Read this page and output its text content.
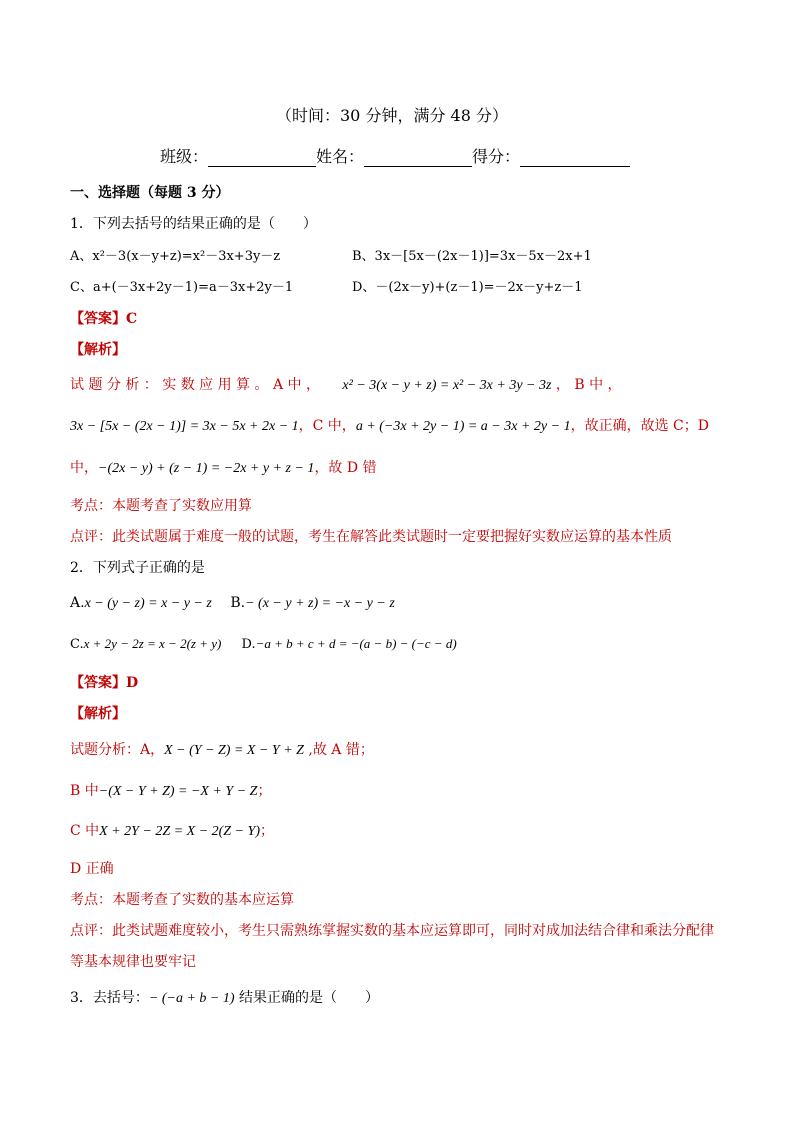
（时间：30 分钟，满分 48 分）
班级：	姓名：	得分：
一、选择题（每题 3 分）
1．下列去括号的结果正确的是（　　）
A、x²－3(x－y+z)=x²－3x+3y－z	B、3x－[5x－(2x－1)]=3x－5x－2x+1
C、a+(－3x+2y－1)=a－3x+2y－1	D、－(2x－y)+(z－1)=－2x－y+z－1
【答案】C
【解析】
试 题 分 析 ： 实 数 应 用 算 。 A 中 ， x² − 3(x − y + z) = x² − 3x + 3y − 3z ， B 中 ，
3x − [5x − (2x − 1)] = 3x − 5x + 2x − 1，C 中，a + (−3x + 2y − 1) = a − 3x + 2y − 1，故正确，故选 C；D
中，−(2x − y) + (z − 1) = −2x + y + z − 1，故 D 错
考点：本题考查了实数应用算
点评：此类试题属于难度一般的试题，考生在解答此类试题时一定要把握好实数应运算的基本性质
2．下列式子正确的是
A.x − (y − z) = x − y − z B.− (x − y + z) = −x − y − z
C.x + 2y − 2z = x − 2(z + y) D.−a + b + c + d = −(a − b) − (−c − d)
【答案】D
【解析】
试题分析：A，X − (Y − Z) = X − Y + Z ,故 A 错；
B 中−(X − Y + Z) = −X + Y − Z；
C 中X + 2Y − 2Z = X − 2(Z − Y)；
D 正确
考点：本题考查了实数的基本应运算
点评：此类试题难度较小，考生只需熟练掌握实数的基本应运算即可，同时对成加法结合律和乘法分配律
等基本规律也要牢记
3．去括号：− (−a + b − 1) 结果正确的是（　　）
